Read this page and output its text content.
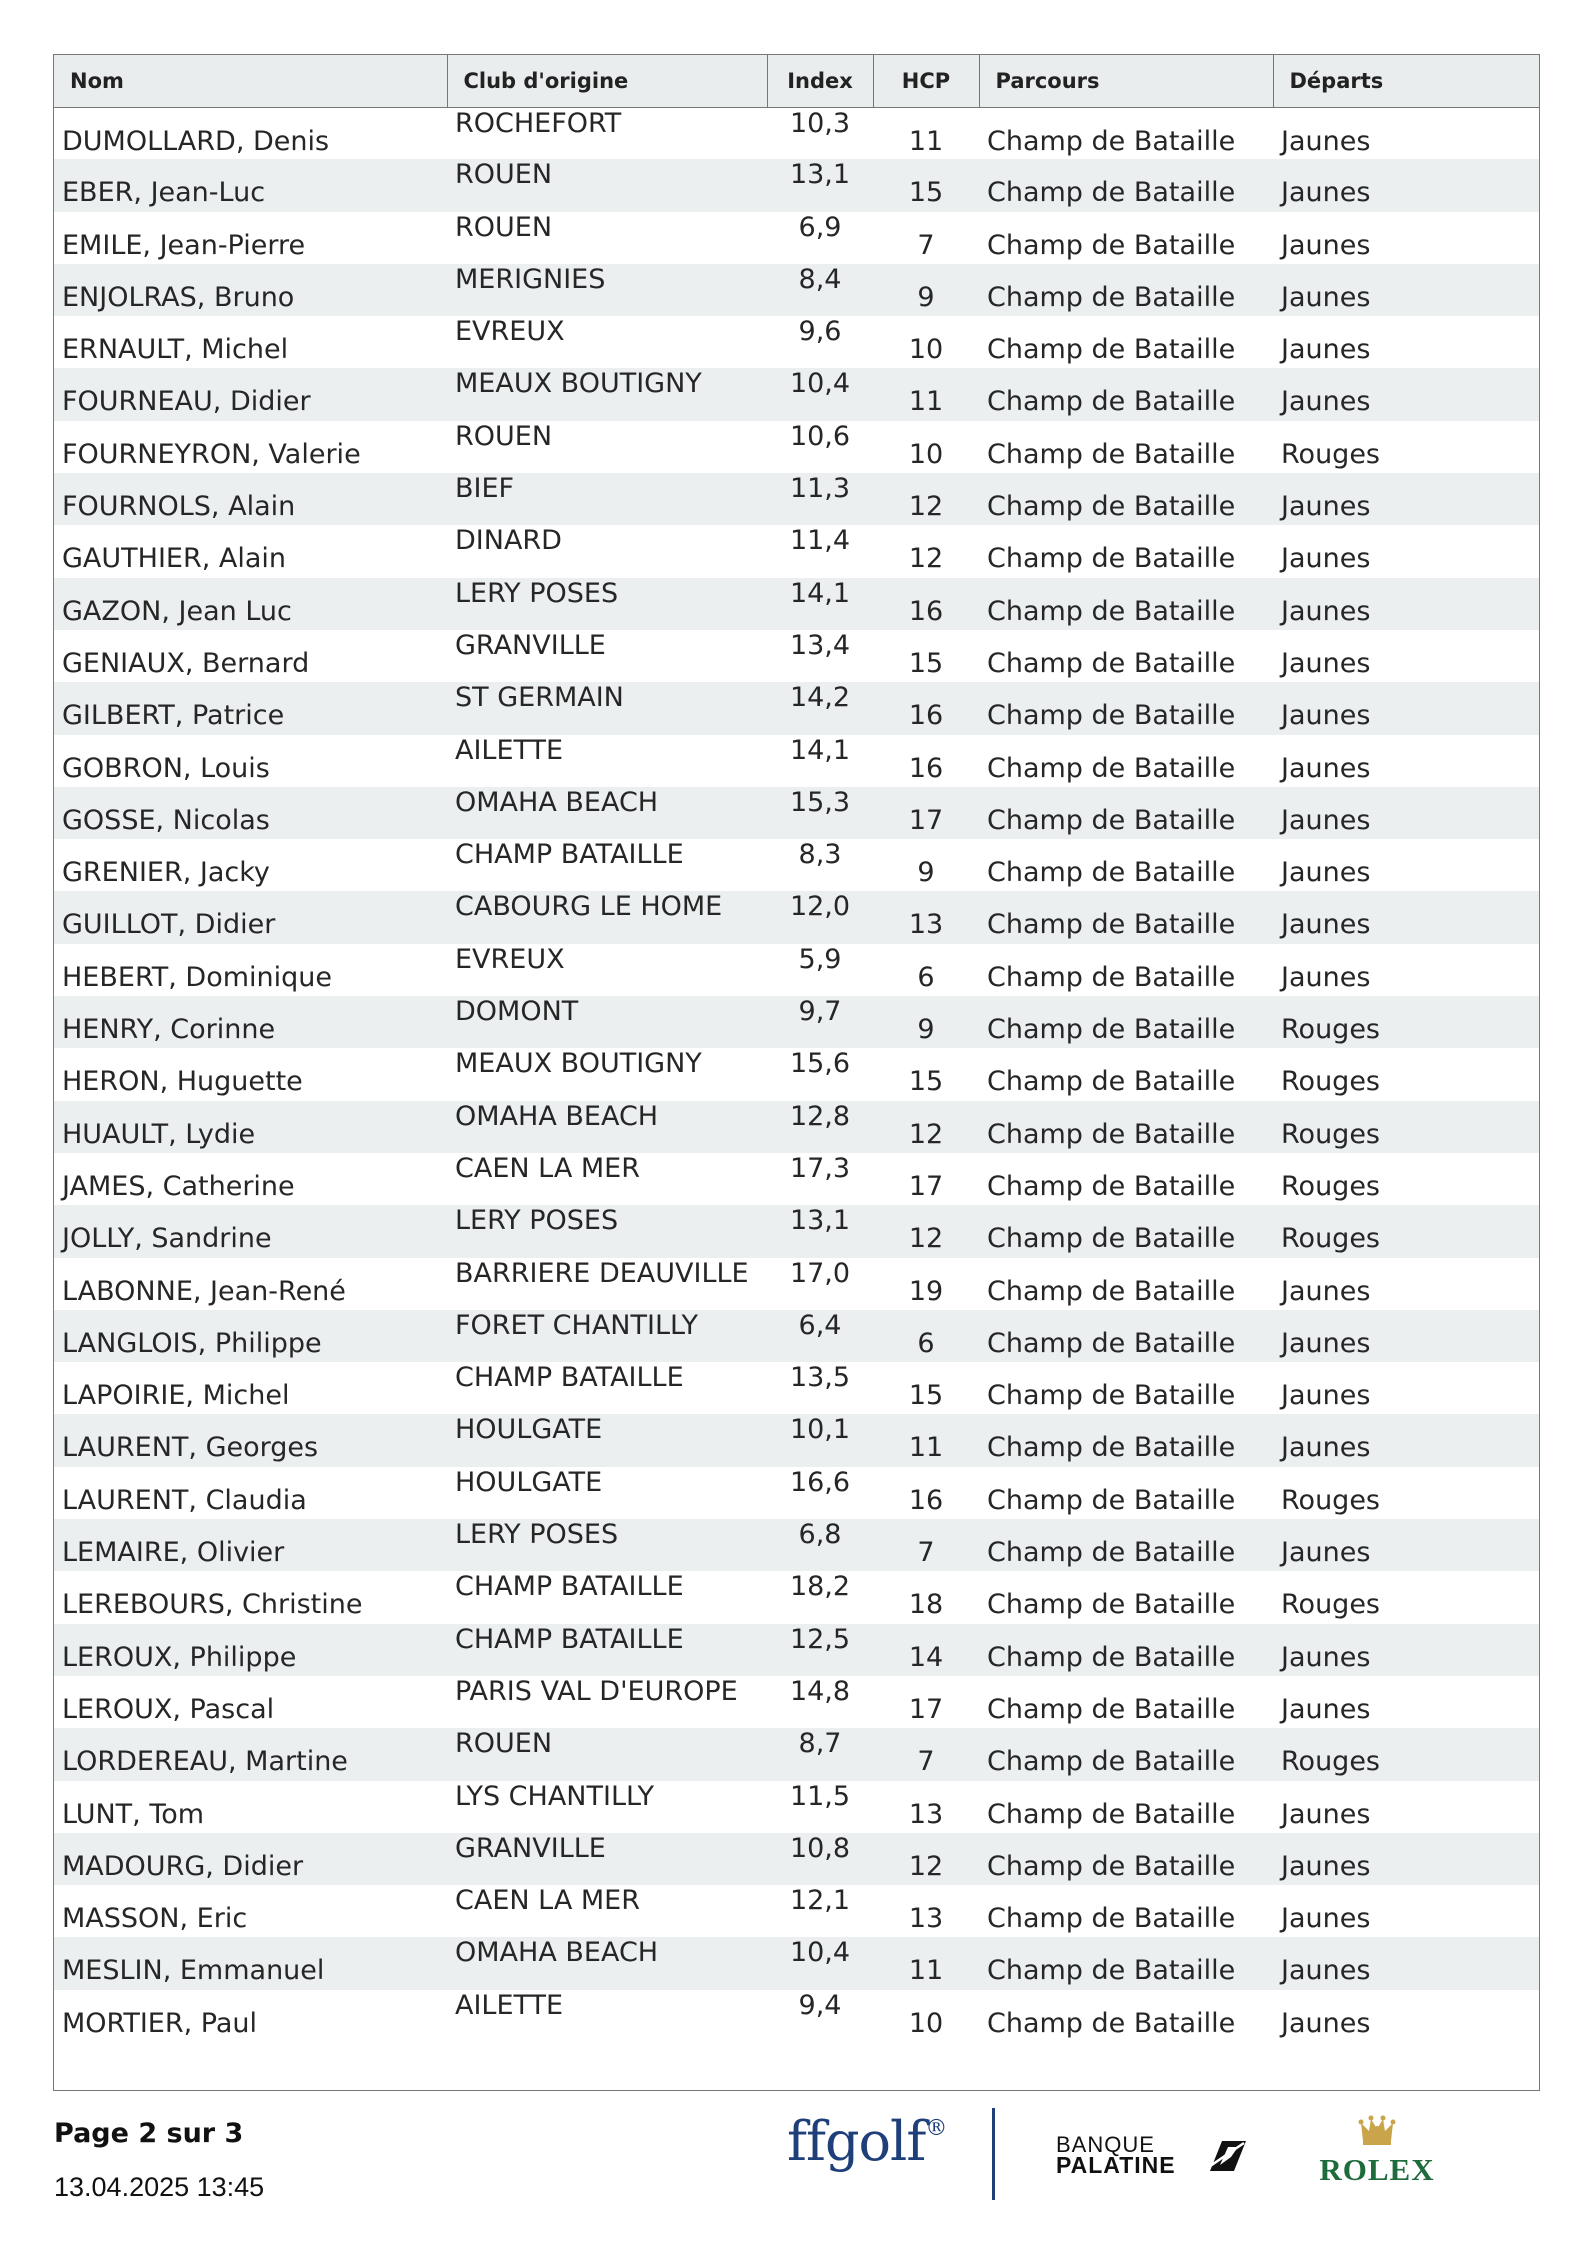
Nom	Club d'origine	Index	HCP	Parcours	Départs
DUMOLLARD, Denis	ROCHEFORT	10,3	11	Champ de Bataille	Jaunes
EBER, Jean-Luc	ROUEN	13,1	15	Champ de Bataille	Jaunes
EMILE, Jean-Pierre	ROUEN	6,9	7	Champ de Bataille	Jaunes
ENJOLRAS, Bruno	MERIGNIES	8,4	9	Champ de Bataille	Jaunes
ERNAULT, Michel	EVREUX	9,6	10	Champ de Bataille	Jaunes
FOURNEAU, Didier	MEAUX BOUTIGNY	10,4	11	Champ de Bataille	Jaunes
FOURNEYRON, Valerie	ROUEN	10,6	10	Champ de Bataille	Rouges
FOURNOLS, Alain	BIEF	11,3	12	Champ de Bataille	Jaunes
GAUTHIER, Alain	DINARD	11,4	12	Champ de Bataille	Jaunes
GAZON, Jean Luc	LERY POSES	14,1	16	Champ de Bataille	Jaunes
GENIAUX, Bernard	GRANVILLE	13,4	15	Champ de Bataille	Jaunes
GILBERT, Patrice	ST GERMAIN	14,2	16	Champ de Bataille	Jaunes
GOBRON, Louis	AILETTE	14,1	16	Champ de Bataille	Jaunes
GOSSE, Nicolas	OMAHA BEACH	15,3	17	Champ de Bataille	Jaunes
GRENIER, Jacky	CHAMP BATAILLE	8,3	9	Champ de Bataille	Jaunes
GUILLOT, Didier	CABOURG LE HOME	12,0	13	Champ de Bataille	Jaunes
HEBERT, Dominique	EVREUX	5,9	6	Champ de Bataille	Jaunes
HENRY, Corinne	DOMONT	9,7	9	Champ de Bataille	Rouges
HERON, Huguette	MEAUX BOUTIGNY	15,6	15	Champ de Bataille	Rouges
HUAULT, Lydie	OMAHA BEACH	12,8	12	Champ de Bataille	Rouges
JAMES, Catherine	CAEN LA MER	17,3	17	Champ de Bataille	Rouges
JOLLY, Sandrine	LERY POSES	13,1	12	Champ de Bataille	Rouges
LABONNE, Jean-René	BARRIERE DEAUVILLE	17,0	19	Champ de Bataille	Jaunes
LANGLOIS, Philippe	FORET CHANTILLY	6,4	6	Champ de Bataille	Jaunes
LAPOIRIE, Michel	CHAMP BATAILLE	13,5	15	Champ de Bataille	Jaunes
LAURENT, Georges	HOULGATE	10,1	11	Champ de Bataille	Jaunes
LAURENT, Claudia	HOULGATE	16,6	16	Champ de Bataille	Rouges
LEMAIRE, Olivier	LERY POSES	6,8	7	Champ de Bataille	Jaunes
LEREBOURS, Christine	CHAMP BATAILLE	18,2	18	Champ de Bataille	Rouges
LEROUX, Philippe	CHAMP BATAILLE	12,5	14	Champ de Bataille	Jaunes
LEROUX, Pascal	PARIS VAL D'EUROPE	14,8	17	Champ de Bataille	Jaunes
LORDEREAU, Martine	ROUEN	8,7	7	Champ de Bataille	Rouges
LUNT, Tom	LYS CHANTILLY	11,5	13	Champ de Bataille	Jaunes
MADOURG, Didier	GRANVILLE	10,8	12	Champ de Bataille	Jaunes
MASSON, Eric	CAEN LA MER	12,1	13	Champ de Bataille	Jaunes
MESLIN, Emmanuel	OMAHA BEACH	10,4	11	Champ de Bataille	Jaunes
MORTIER, Paul	AILETTE	9,4	10	Champ de Bataille	Jaunes
Page 2 sur 3
13.04.2025 13:45
ffgolf®
BANQUE
PALATINE	ROLEX
